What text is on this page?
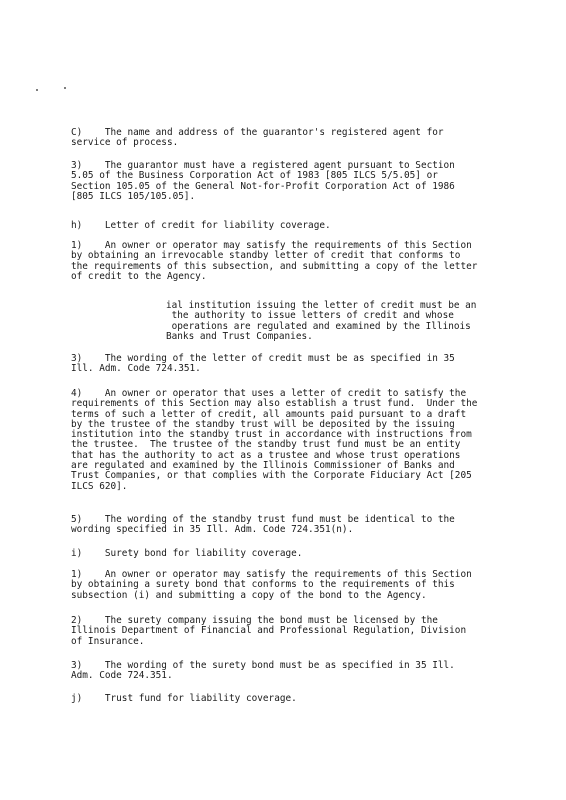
C)    The name and address of the guarantor's registered agent for
service of process.
3)    The guarantor must have a registered agent pursuant to Section
5.05 of the Business Corporation Act of 1983 [805 ILCS 5/5.05] or
Section 105.05 of the General Not-for-Profit Corporation Act of 1986
[805 ILCS 105/105.05].
h)    Letter of credit for liability coverage.
1)    An owner or operator may satisfy the requirements of this Section
by obtaining an irrevocable standby letter of credit that conforms to
the requirements of this subsection, and submitting a copy of the letter
of credit to the Agency.
ial institution issuing the letter of credit must be an
the authority to issue letters of credit and whose
operations are regulated and examined by the Illinois
Banks and Trust Companies.
3)    The wording of the letter of credit must be as specified in 35
Ill. Adm. Code 724.351.
4)    An owner or operator that uses a letter of credit to satisfy the
requirements of this Section may also establish a trust fund.  Under the
terms of such a letter of credit, all amounts paid pursuant to a draft
by the trustee of the standby trust will be deposited by the issuing
institution into the standby trust in accordance with instructions from
the trustee.  The trustee of the standby trust fund must be an entity
that has the authority to act as a trustee and whose trust operations
are regulated and examined by the Illinois Commissioner of Banks and
Trust Companies, or that complies with the Corporate Fiduciary Act [205
ILCS 620].
5)    The wording of the standby trust fund must be identical to the
wording specified in 35 Ill. Adm. Code 724.351(n).
i)    Surety bond for liability coverage.
1)    An owner or operator may satisfy the requirements of this Section
by obtaining a surety bond that conforms to the requirements of this
subsection (i) and submitting a copy of the bond to the Agency.
2)    The surety company issuing the bond must be licensed by the
Illinois Department of Financial and Professional Regulation, Division
of Insurance.
3)    The wording of the surety bond must be as specified in 35 Ill.
Adm. Code 724.351.
j)    Trust fund for liability coverage.
